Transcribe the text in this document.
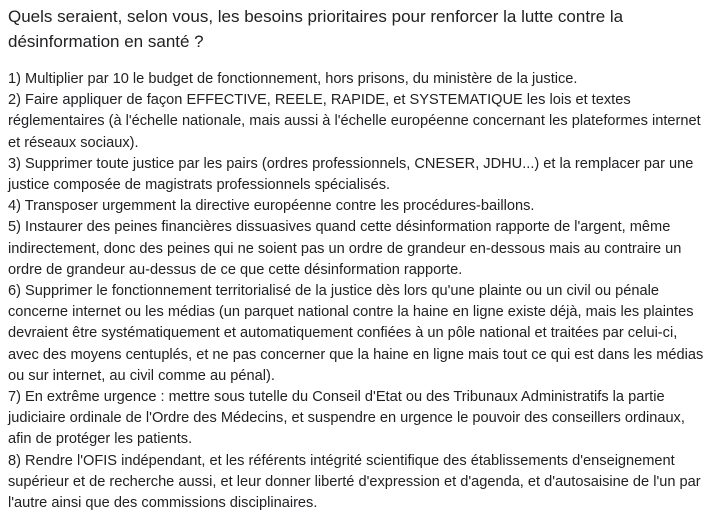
Quels seraient, selon vous, les besoins prioritaires pour renforcer la lutte contre la désinformation en santé ?

1) Multiplier par 10 le budget de fonctionnement, hors prisons, du ministère de la justice.

2) Faire appliquer de façon EFFECTIVE, REELE, RAPIDE, et SYSTEMATIQUE les lois et textes réglementaires (à l'échelle nationale, mais aussi à l'échelle européenne concernant les plateformes internet et réseaux sociaux).

3) Supprimer toute justice par les pairs (ordres professionnels, CNESER, JDHU...) et la remplacer par une justice composée de magistrats professionnels spécialisés.

4) Transposer urgemment la directive européenne contre les procédures-baillons.

5) Instaurer des peines financières dissuasives quand cette désinformation rapporte de l'argent, même indirectement, donc des peines qui ne soient pas un ordre de grandeur en-dessous mais au contraire un ordre de grandeur au-dessus de ce que cette désinformation rapporte.

6) Supprimer le fonctionnement territorialisé de la justice dès lors qu'une plainte ou un civil ou pénale concerne internet ou les médias (un parquet national contre la haine en ligne existe déjà, mais les plaintes devraient être systématiquement et automatiquement confiées à un pôle national et traitées par celui-ci, avec des moyens centuplés, et ne pas concerner que la haine en ligne mais tout ce qui est dans les médias ou sur internet, au civil comme au pénal).

7) En extrême urgence : mettre sous tutelle du Conseil d'Etat ou des Tribunaux Administratifs la partie judiciaire ordinale de l'Ordre des Médecins, et suspendre en urgence le pouvoir des conseillers ordinaux, afin de protéger les patients.

8) Rendre l'OFIS indépendant, et les référents intégrité scientifique des établissements d'enseignement supérieur et de recherche aussi, et leur donner liberté d'expression et d'agenda, et d'autosaisine de l'un par l'autre ainsi que des commissions disciplinaires.
